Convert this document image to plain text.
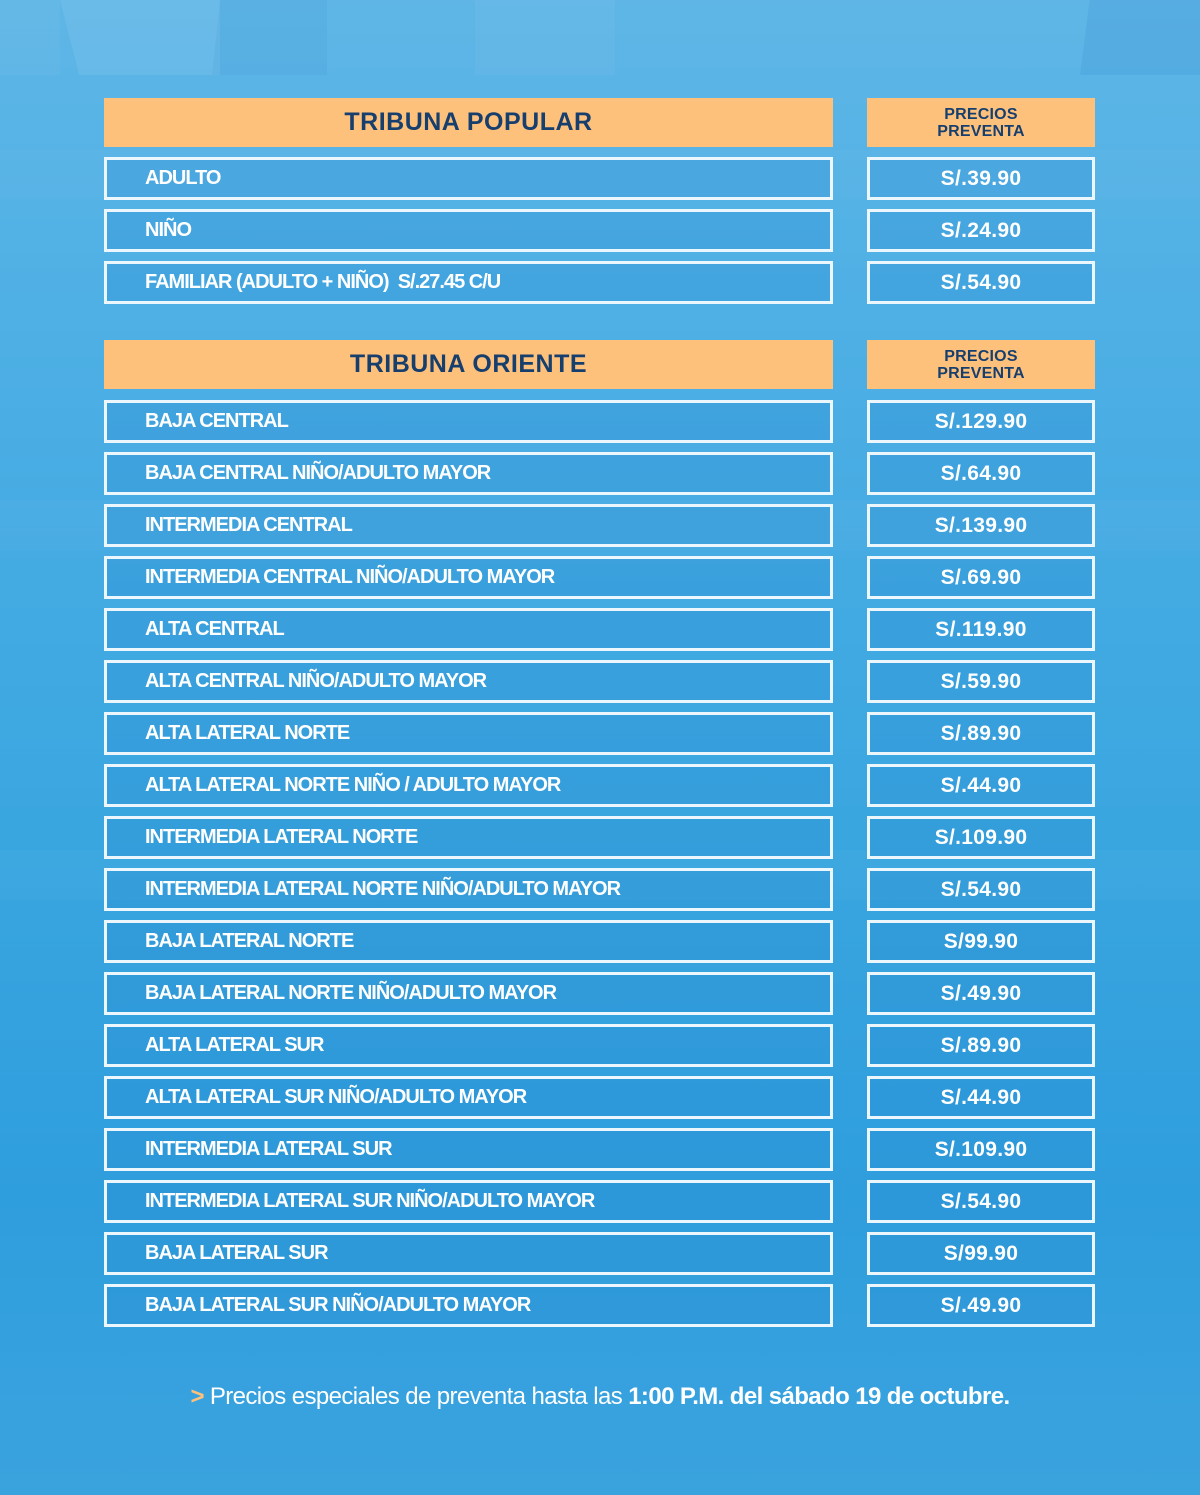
TRIBUNA POPULAR	PRECIOS
PREVENTA
ADULTO	S/.39.90
NIÑO	S/.24.90
FAMILIAR (ADULTO + NIÑO)  S/.27.45 C/U	S/.54.90
TRIBUNA ORIENTE	PRECIOS
PREVENTA
BAJA CENTRAL	S/.129.90
BAJA CENTRAL NIÑO/ADULTO MAYOR	S/.64.90
INTERMEDIA CENTRAL	S/.139.90
INTERMEDIA CENTRAL NIÑO/ADULTO MAYOR	S/.69.90
ALTA CENTRAL	S/.119.90
ALTA CENTRAL NIÑO/ADULTO MAYOR	S/.59.90
ALTA LATERAL NORTE	S/.89.90
ALTA LATERAL NORTE NIÑO / ADULTO MAYOR	S/.44.90
INTERMEDIA LATERAL NORTE	S/.109.90
INTERMEDIA LATERAL NORTE NIÑO/ADULTO MAYOR	S/.54.90
BAJA LATERAL NORTE	S/99.90
BAJA LATERAL NORTE NIÑO/ADULTO MAYOR	S/.49.90
ALTA LATERAL SUR	S/.89.90
ALTA LATERAL SUR NIÑO/ADULTO MAYOR	S/.44.90
INTERMEDIA LATERAL SUR	S/.109.90
INTERMEDIA LATERAL SUR NIÑO/ADULTO MAYOR	S/.54.90
BAJA LATERAL SUR	S/99.90
BAJA LATERAL SUR NIÑO/ADULTO MAYOR	S/.49.90
> Precios especiales de preventa hasta las 1:00 P.M. del sábado 19 de octubre.
